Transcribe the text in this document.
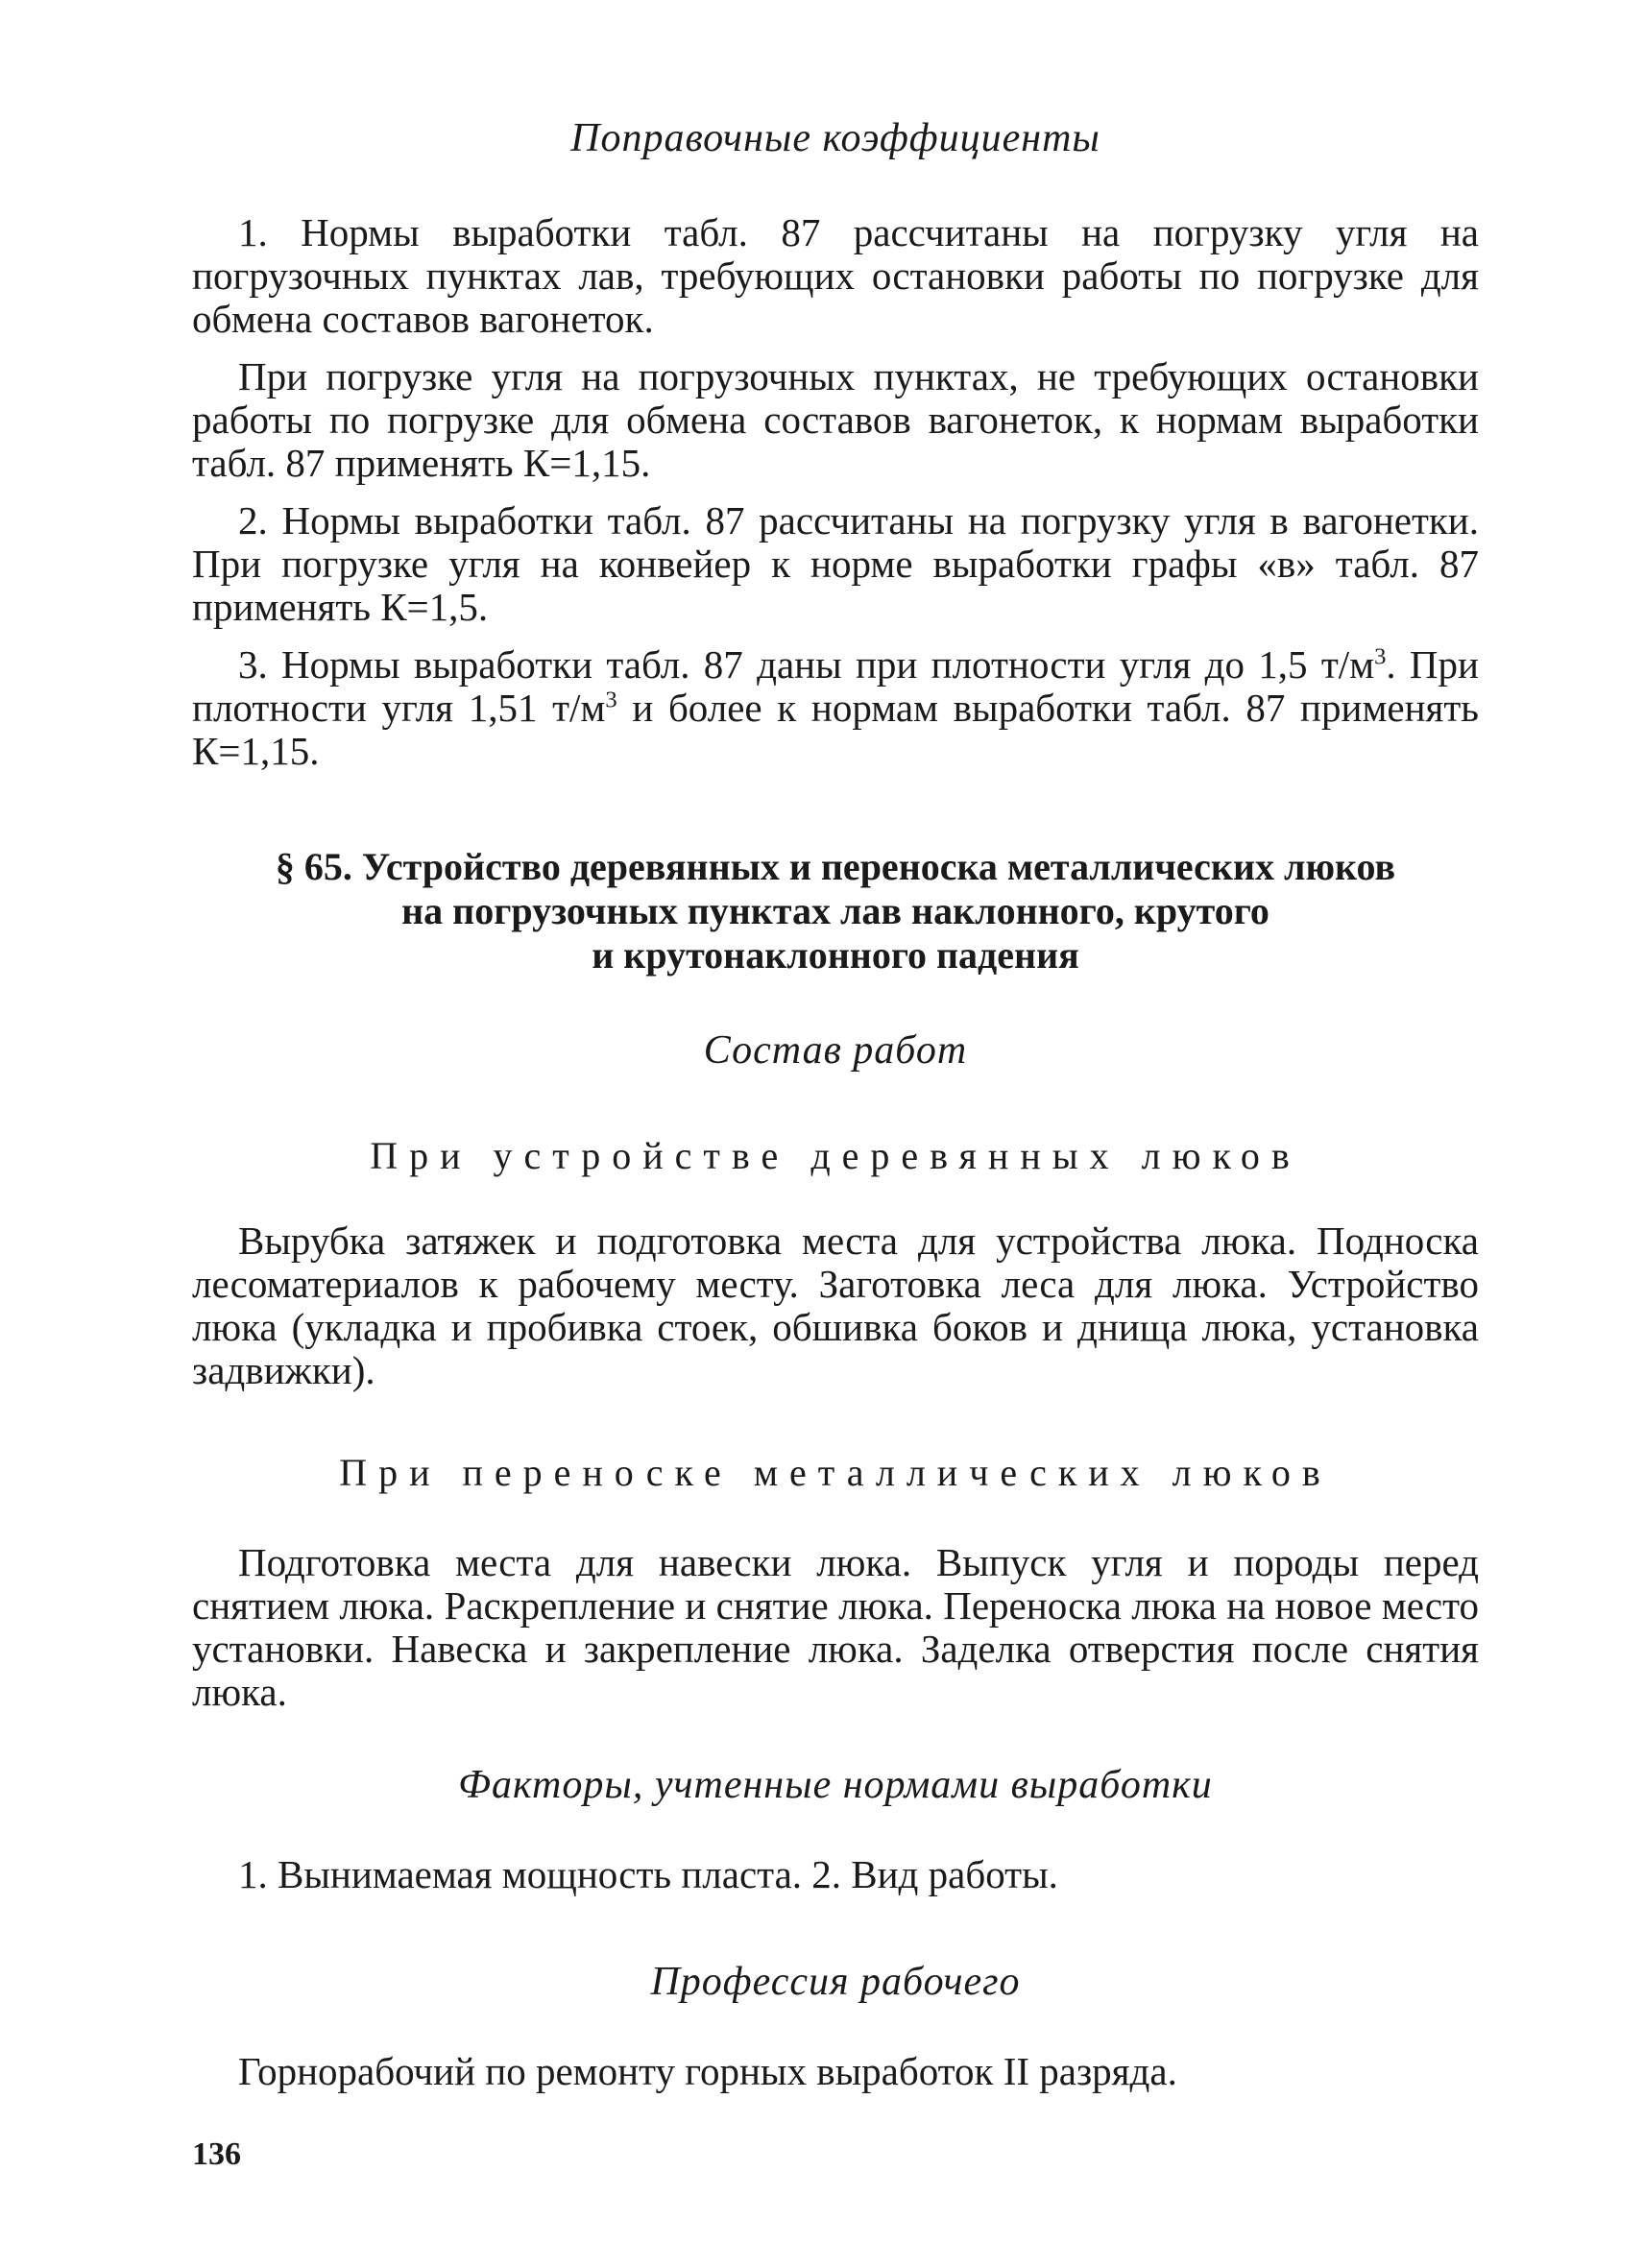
Поправочные коэффициенты

1. Нормы выработки табл. 87 рассчитаны на погрузку угля на погрузочных пунктах лав, требующих остановки работы по погрузке для обмена составов вагонеток.

При погрузке угля на погрузочных пунктах, не требующих остановки работы по погрузке для обмена составов вагонеток, к нормам выработки табл. 87 применять К=1,15.

2. Нормы выработки табл. 87 рассчитаны на погрузку угля в вагонетки. При погрузке угля на конвейер к норме выработки графы «в» табл. 87 применять К=1,5.

3. Нормы выработки табл. 87 даны при плотности угля до 1,5 $т/м^3$. При плотности угля 1,51 $т/м^3$ и более к нормам выработки табл. 87 применять К=1,15.

§ 65. Устройство деревянных и переноска металлических люков

на погрузочных пунктах лав наклонного, крутого

и крутонаклонного падения

Состав работ

При устройстве деревянных люков

Вырубка затяжек и подготовка места для устройства люка. Подноска лесоматериалов к рабочему месту. Заготовка леса для люка. Устройство люка (укладка и пробивка стоек, обшивка боков и днища люка, установка задвижки).

При переноске металлических люков

Подготовка места для навески люка. Выпуск угля и породы перед снятием люка. Раскрепление и снятие люка. Переноска люка на новое место установки. Навеска и закрепление люка. Заделка отверстия после снятия люка.

Факторы, учтенные нормами выработки

1. Вынимаемая мощность пласта. 2. Вид работы.

Профессия рабочего

Горнорабочий по ремонту горных выработок II разряда.

136
